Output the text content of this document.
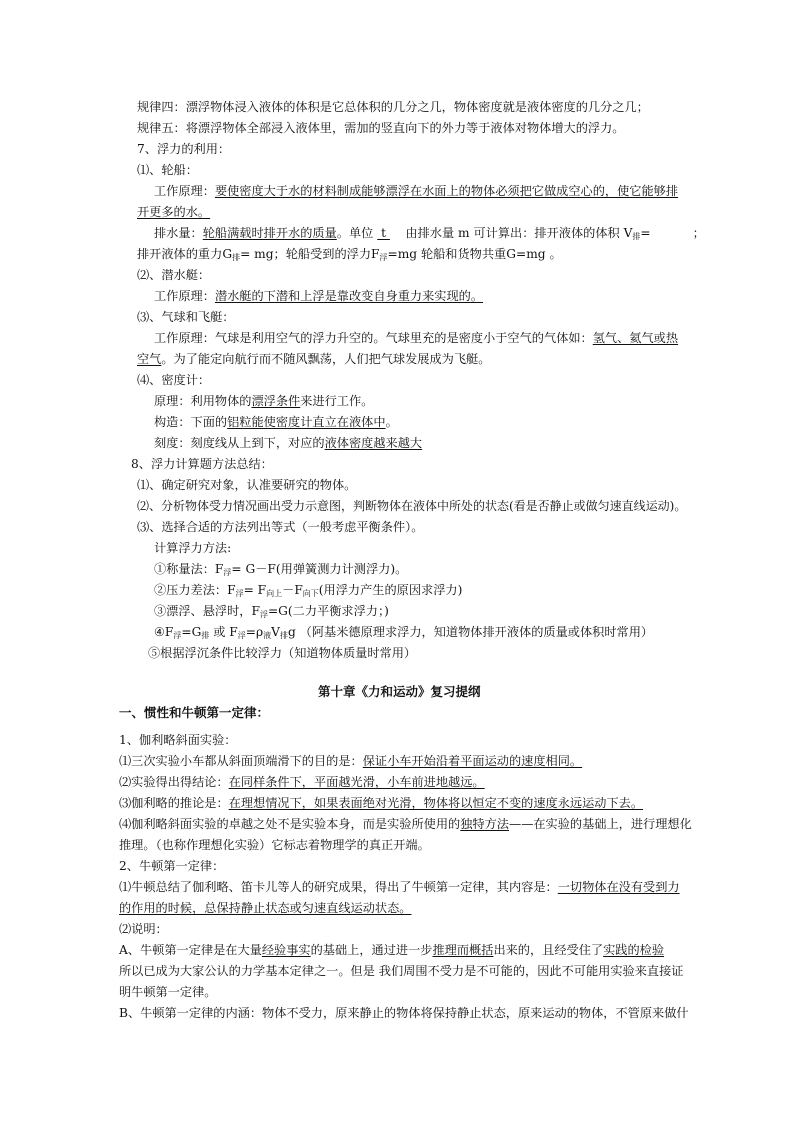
规律四：漂浮物体浸入液体的体积是它总体积的几分之几，物体密度就是液体密度的几分之几；
规律五：将漂浮物体全部浸入液体里，需加的竖直向下的外力等于液体对物体增大的浮力。
7、浮力的利用：
⑴、轮船：
工作原理：要使密度大于水的材料制成能够漂浮在水面上的物体必须把它做成空心的，使它能够排
开更多的水。
排水量：轮船满载时排开水的质量。单位  t     由排水量 m 可计算出：排开液体的体积 $V_排=$	；
排开液体的重力$G_排=$ mg；轮船受到的浮力$F_浮=mg$ 轮船和货物共重G=mg 。
⑵、潜水艇：
工作原理：潜水艇的下潜和上浮是靠改变自身重力来实现的。
⑶、气球和飞艇：
工作原理：气球是利用空气的浮力升空的。气球里充的是密度小于空气的气体如：氢气、氦气或热
空气。为了能定向航行而不随风飘荡，人们把气球发展成为飞艇。
⑷、密度计：
原理：利用物体的漂浮条件来进行工作。
构造：下面的铝粒能使密度计直立在液体中。
刻度：刻度线从上到下，对应的液体密度越来越大
8、浮力计算题方法总结：
⑴、确定研究对象，认准要研究的物体。
⑵、分析物体受力情况画出受力示意图，判断物体在液体中所处的状态(看是否静止或做匀速直线运动)。
⑶、选择合适的方法列出等式（一般考虑平衡条件）。
计算浮力方法:
①称量法：$F_浮= G-F$(用弹簧测力计测浮力)。
②压力差法：$F_浮= F_{向上}-F_{向下}$(用浮力产生的原因求浮力)
③漂浮、悬浮时，$F_浮=G$(二力平衡求浮力；)
$④F_浮=G_排$ 或 $F_浮=\rho_液V_排g$ （阿基米德原理求浮力，知道物体排开液体的质量或体积时常用）
⑤根据浮沉条件比较浮力（知道物体质量时常用）
第十章《力和运动》复习提纲
一、惯性和牛顿第一定律：
1、伽利略斜面实验：
⑴三次实验小车都从斜面顶端滑下的目的是：保证小车开始沿着平面运动的速度相同。
⑵实验得出得结论：在同样条件下，平面越光滑，小车前进地越远。
⑶伽利略的推论是：在理想情况下，如果表面绝对光滑，物体将以恒定不变的速度永远运动下去。
⑷伽利略斜面实验的卓越之处不是实验本身，而是实验所使用的独特方法——在实验的基础上，进行理想化
推理。（也称作理想化实验）它标志着物理学的真正开端。
2、牛顿第一定律：
⑴牛顿总结了伽利略、笛卡儿等人的研究成果，得出了牛顿第一定律，其内容是：一切物体在没有受到力
的作用的时候，总保持静止状态或匀速直线运动状态。
⑵说明：
A、牛顿第一定律是在大量经验事实的基础上，通过进一步推理而概括出来的，且经受住了实践的检验
所以已成为大家公认的力学基本定律之一。但是 我们周围不受力是不可能的，因此不可能用实验来直接证
明牛顿第一定律。
B、牛顿第一定律的内涵：物体不受力，原来静止的物体将保持静止状态，原来运动的物体，不管原来做什
